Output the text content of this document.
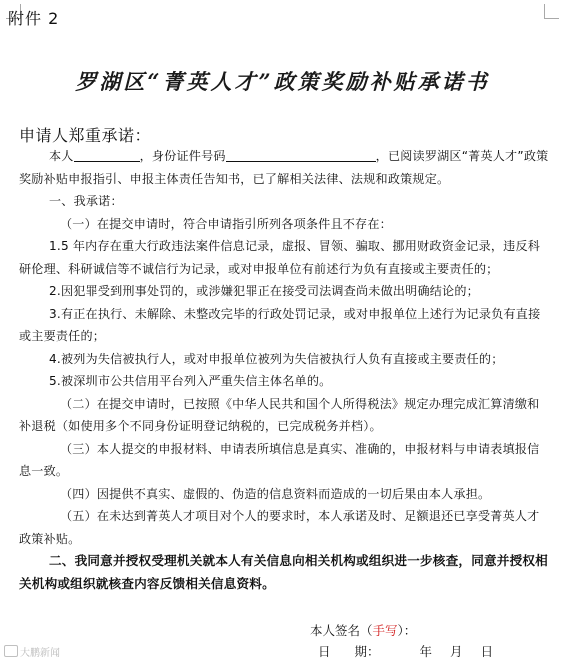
附件 2
罗湖区“菁英人才”政策奖励补贴承诺书
申请人郑重承诺：

本人	，身份证件号码	，已阅读罗湖区“菁英人才”政策奖励补贴申报指引、申报主体责任告知书，已了解相关法律、法规和政策规定。

一、我承诺：

（一）在提交申请时，符合申请指引所列各项条件且不存在：

1.5 年内存在重大行政违法案件信息记录，虚报、冒领、骗取、挪用财政资金记录，违反科研伦理、科研诚信等不诚信行为记录，或对申报单位有前述行为负有直接或主要责任的；

2.因犯罪受到刑事处罚的，或涉嫌犯罪正在接受司法调查尚未做出明确结论的；

3.有正在执行、未解除、未整改完毕的行政处罚记录，或对申报单位上述行为记录负有直接或主要责任的；

4.被列为失信被执行人，或对申报单位被列为失信被执行人负有直接或主要责任的；

5.被深圳市公共信用平台列入严重失信主体名单的。

（二）在提交申请时，已按照《中华人民共和国个人所得税法》规定办理完成汇算清缴和补退税（如使用多个不同身份证明登记纳税的，已完成税务并档）。

（三）本人提交的申报材料、申请表所填信息是真实、准确的，申报材料与申请表填报信息一致。

（四）因提供不真实、虚假的、伪造的信息资料而造成的一切后果由本人承担。

（五）在未达到菁英人才项目对个人的要求时，本人承诺及时、足额退还已享受菁英人才政策补贴。

二、我同意并授权受理机关就本人有关信息向相关机构或组织进一步核查，同意并授权相关机构或组织就核查内容反馈相关信息资料。

本人签名（手写）：
日 期：	年 月 日
大鹏新闻
